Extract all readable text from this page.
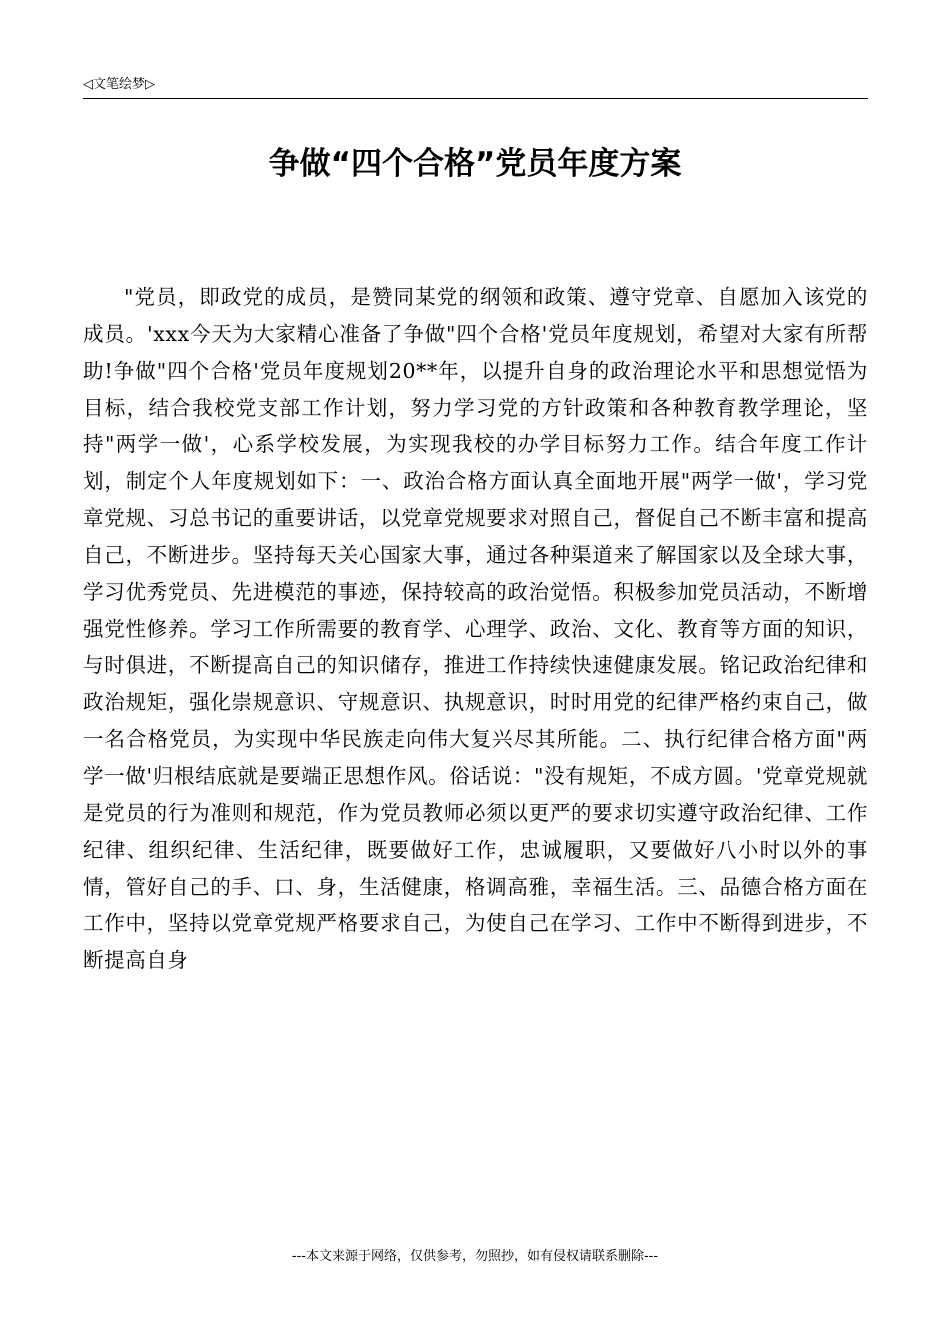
◁文笔绘梦▷
争做“四个合格”党员年度方案

"党员，即政党的成员，是赞同某党的纲领和政策、遵守党章、自愿加入该党的成员。'xxx今天为大家精心准备了争做"四个合格'党员年度规划，希望对大家有所帮助!争做"四个合格'党员年度规划20**年，以提升自身的政治理论水平和思想觉悟为目标，结合我校党支部工作计划，努力学习党的方针政策和各种教育教学理论，坚持"两学一做'，心系学校发展，为实现我校的办学目标努力工作。结合年度工作计划，制定个人年度规划如下：一、政治合格方面认真全面地开展"两学一做'，学习党章党规、习总书记的重要讲话，以党章党规要求对照自己，督促自己不断丰富和提高自己，不断进步。坚持每天关心国家大事，通过各种渠道来了解国家以及全球大事，学习优秀党员、先进模范的事迹，保持较高的政治觉悟。积极参加党员活动，不断增强党性修养。学习工作所需要的教育学、心理学、政治、文化、教育等方面的知识，与时俱进，不断提高自己的知识储存，推进工作持续快速健康发展。铭记政治纪律和政治规矩，强化崇规意识、守规意识、执规意识，时时用党的纪律严格约束自己，做一名合格党员，为实现中华民族走向伟大复兴尽其所能。二、执行纪律合格方面"两学一做'归根结底就是要端正思想作风。俗话说："没有规矩，不成方圆。'党章党规就是党员的行为准则和规范，作为党员教师必须以更严的要求切实遵守政治纪律、工作纪律、组织纪律、生活纪律，既要做好工作，忠诚履职，又要做好八小时以外的事情，管好自己的手、口、身，生活健康，格调高雅，幸福生活。三、品德合格方面在工作中，坚持以党章党规严格要求自己，为使自己在学习、工作中不断得到进步，不断提高自身

---本文来源于网络，仅供参考，勿照抄，如有侵权请联系删除---
